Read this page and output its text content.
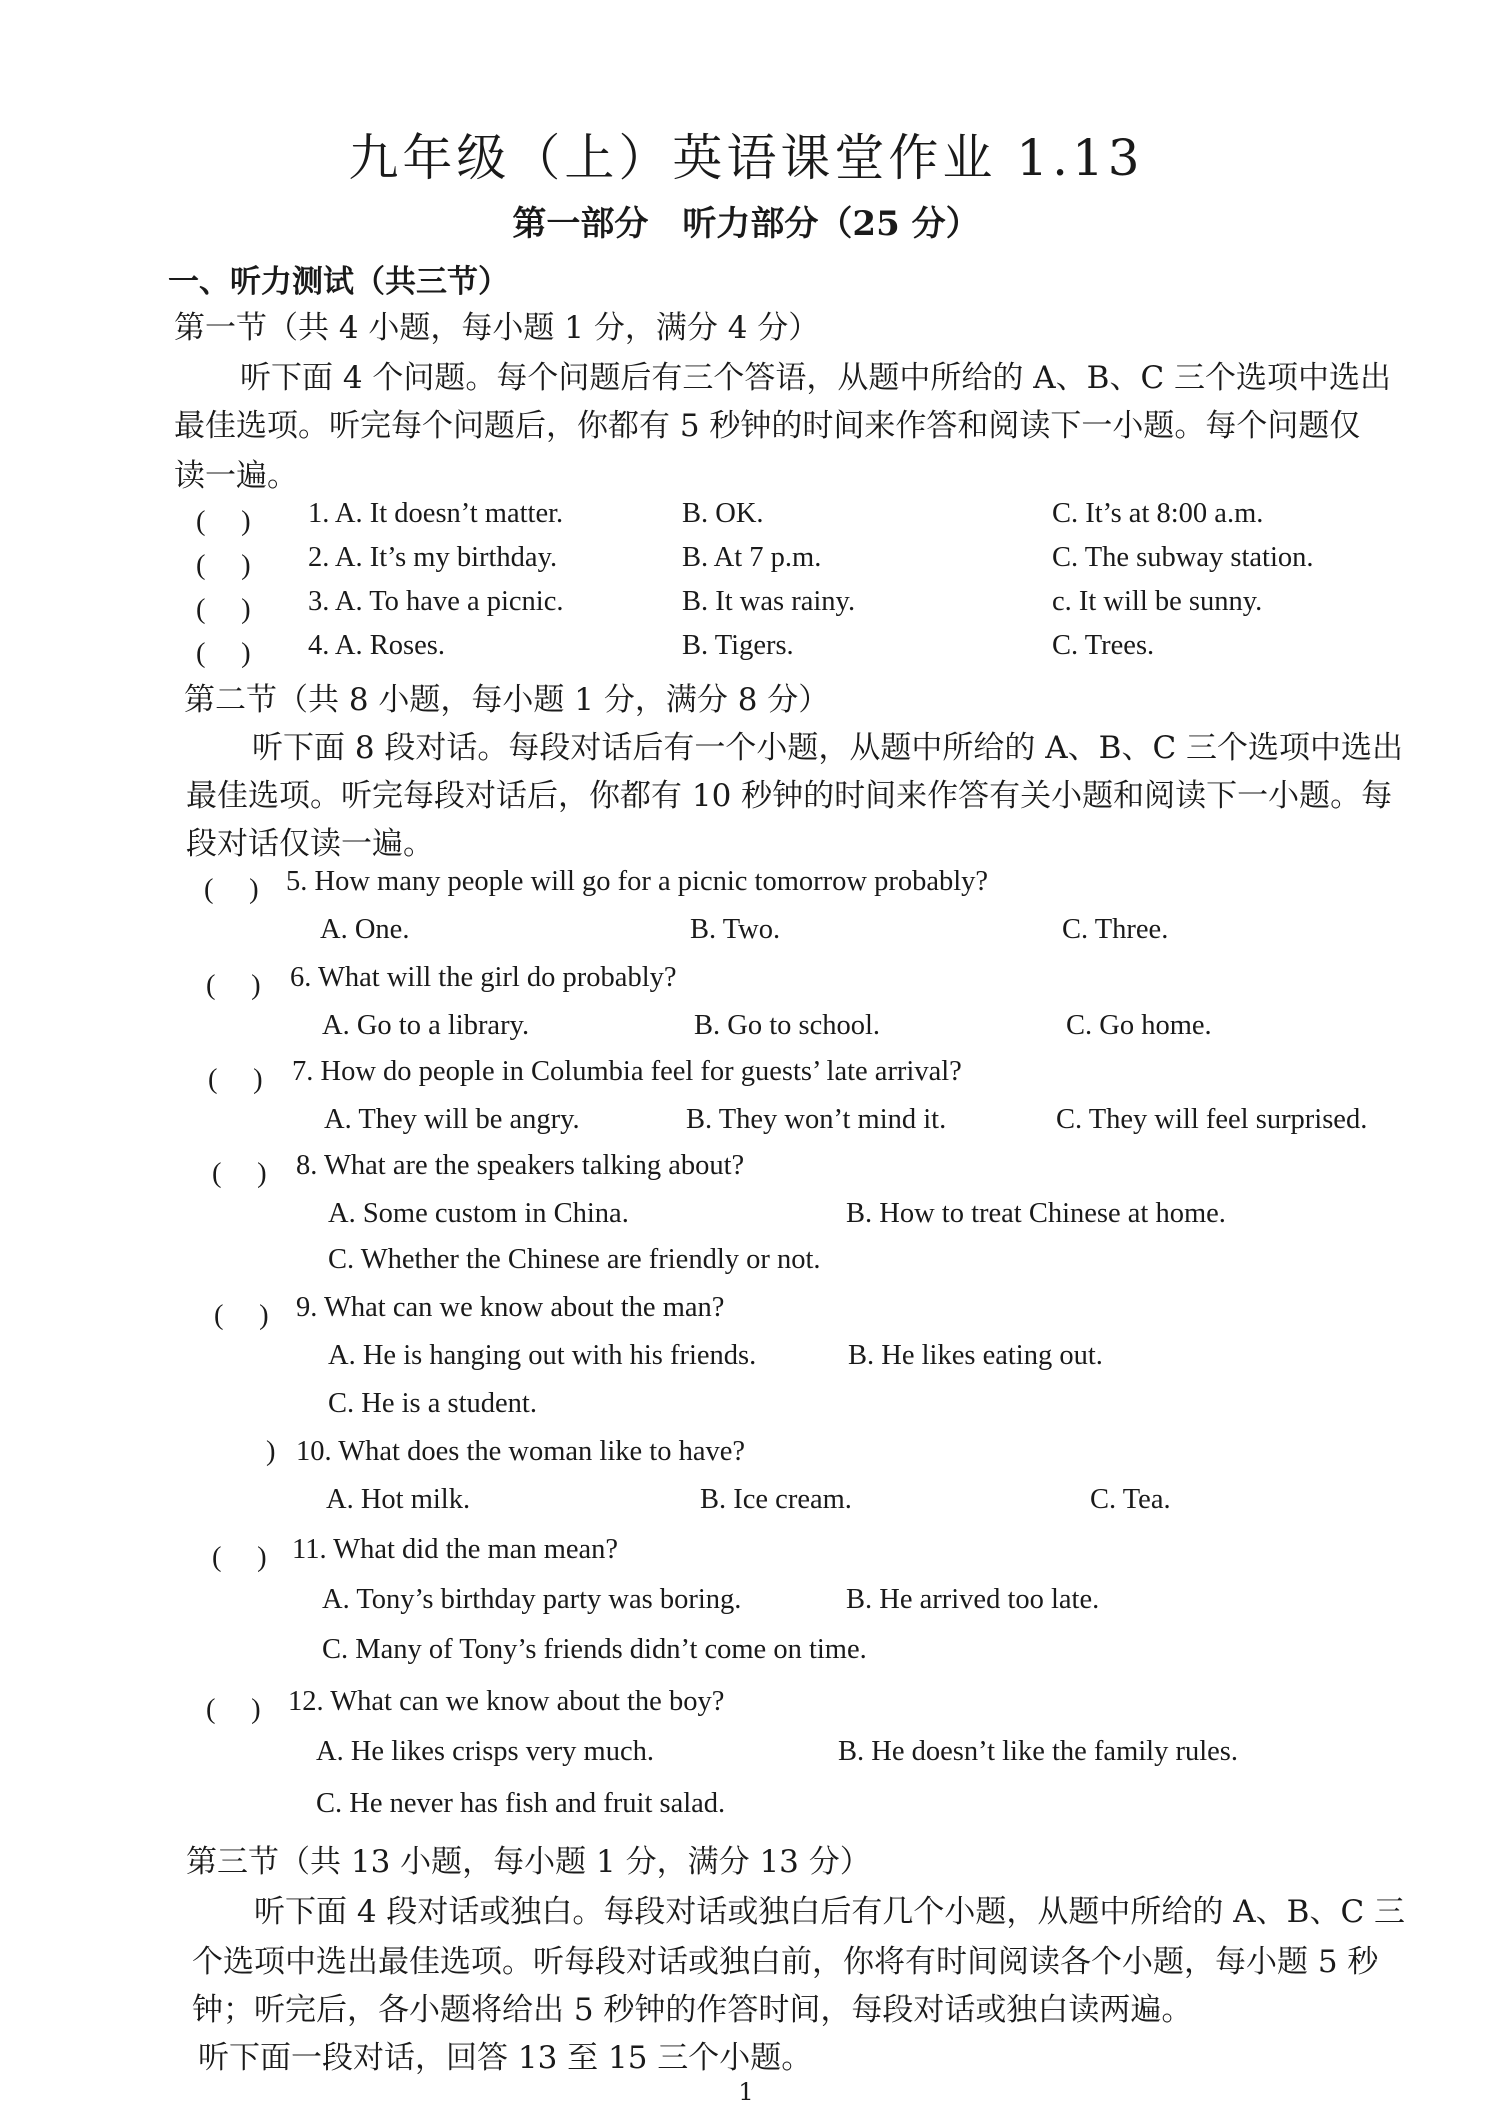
九年级（上）英语课堂作业 1.13
第一部分　听力部分（25 分）
一、听力测试（共三节）
第一节（共 4 小题，每小题 1 分，满分 4 分）
听下面 4 个问题。每个问题后有三个答语，从题中所给的 A、B、C 三个选项中选出
最佳选项。听完每个问题后，你都有 5 秒钟的时间来作答和阅读下一小题。每个问题仅
读一遍。
(　 ) 1. A. It doesn’t matter.	B. OK.	C. It’s at 8:00 a.m.
(　 ) 2. A. It’s my birthday.	B. At 7 p.m.	C. The subway station.
(　 ) 3. A. To have a picnic.	B. It was rainy.	c. It will be sunny.
(　 ) 4. A. Roses.	B. Tigers.	C. Trees.
第二节（共 8 小题，每小题 1 分，满分 8 分）
听下面 8 段对话。每段对话后有一个小题，从题中所给的 A、B、C 三个选项中选出
最佳选项。听完每段对话后，你都有 10 秒钟的时间来作答有关小题和阅读下一小题。每
段对话仅读一遍。
(　 ) 5. How many people will go for a picnic tomorrow probably?
A. One.	B. Two.	C. Three.
(　 ) 6. What will the girl do probably?
A. Go to a library.	B. Go to school.	C. Go home.
(　 ) 7. How do people in Columbia feel for guests’ late arrival?
A. They will be angry.	B. They won’t mind it.	C. They will feel surprised.
(　 ) 8. What are the speakers talking about?
A. Some custom in China.	B. How to treat Chinese at home.
C. Whether the Chinese are friendly or not.
(　 ) 9. What can we know about the man?
A. He is hanging out with his friends.	B. He likes eating out.
C. He is a student.
) 10. What does the woman like to have?
A. Hot milk.	B. Ice cream.	C. Tea.
(　 ) 11. What did the man mean?
A. Tony’s birthday party was boring.	B. He arrived too late.
C. Many of Tony’s friends didn’t come on time.
(　 ) 12. What can we know about the boy?
A. He likes crisps very much.	B. He doesn’t like the family rules.
C. He never has fish and fruit salad.
第三节（共 13 小题，每小题 1 分，满分 13 分）
听下面 4 段对话或独白。每段对话或独白后有几个小题，从题中所给的 A、B、C 三
个选项中选出最佳选项。听每段对话或独白前，你将有时间阅读各个小题，每小题 5 秒
钟；听完后，各小题将给出 5 秒钟的作答时间，每段对话或独白读两遍。
听下面一段对话，回答 13 至 15 三个小题。
1
